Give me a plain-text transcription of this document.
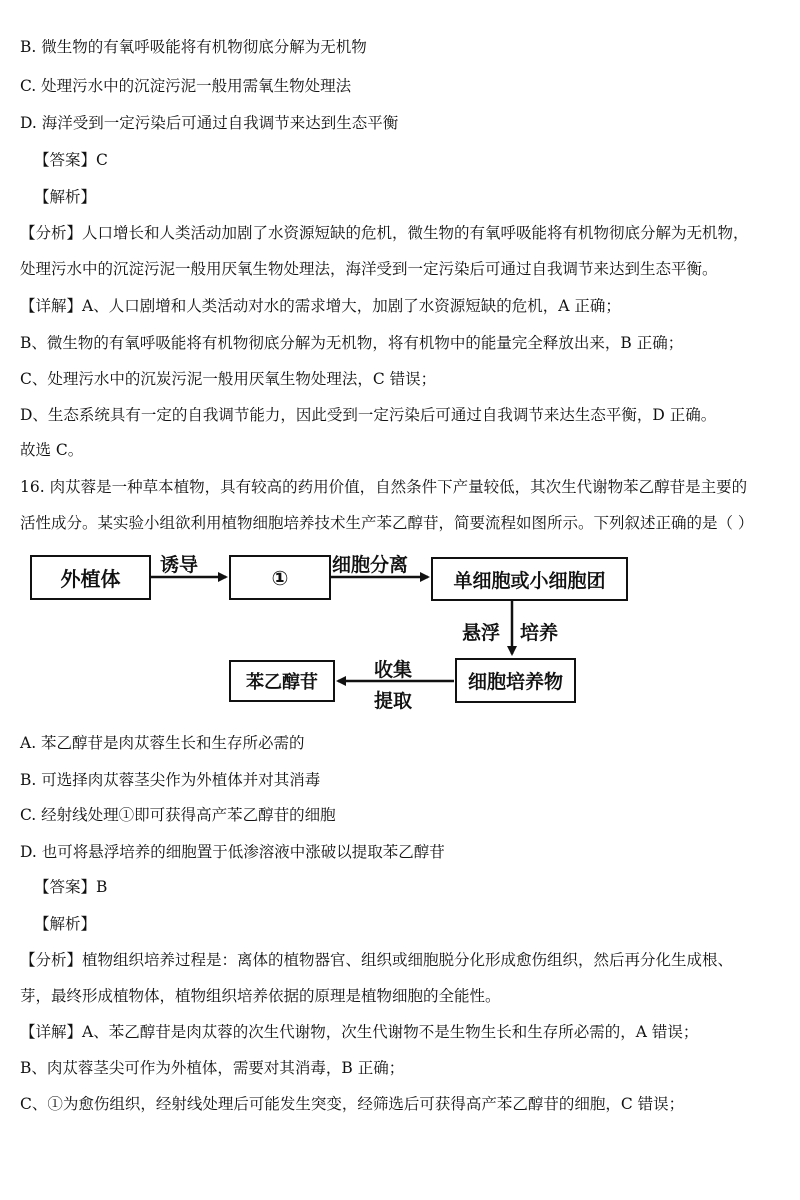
B. 微生物的有氧呼吸能将有机物彻底分解为无机物
C. 处理污水中的沉淀污泥一般用需氧生物处理法
D. 海洋受到一定污染后可通过自我调节来达到生态平衡
【答案】C
【解析】
【分析】人口增长和人类活动加剧了水资源短缺的危机，微生物的有氧呼吸能将有机物彻底分解为无机物，
处理污水中的沉淀污泥一般用厌氧生物处理法，海洋受到一定污染后可通过自我调节来达到生态平衡。
【详解】A、人口剧增和人类活动对水的需求增大，加剧了水资源短缺的危机，A 正确；
B、微生物的有氧呼吸能将有机物彻底分解为无机物，将有机物中的能量完全释放出来，B 正确；
C、处理污水中的沉炭污泥一般用厌氧生物处理法，C 错误；
D、生态系统具有一定的自我调节能力，因此受到一定污染后可通过自我调节来达生态平衡，D 正确。
故选 C。
16. 肉苁蓉是一种草本植物，具有较高的药用价值，自然条件下产量较低，其次生代谢物苯乙醇苷是主要的
活性成分。某实验小组欲利用植物细胞培养技术生产苯乙醇苷，简要流程如图所示。下列叙述正确的是（ ）
外植体
诱导
①
细胞分离
单细胞或小细胞团
悬浮 培养
细胞培养物
收集
提取
苯乙醇苷
A. 苯乙醇苷是肉苁蓉生长和生存所必需的
B. 可选择肉苁蓉茎尖作为外植体并对其消毒
C. 经射线处理①即可获得高产苯乙醇苷的细胞
D. 也可将悬浮培养的细胞置于低渗溶液中涨破以提取苯乙醇苷
【答案】B
【解析】
【分析】植物组织培养过程是：离体的植物器官、组织或细胞脱分化形成愈伤组织，然后再分化生成根、
芽，最终形成植物体，植物组织培养依据的原理是植物细胞的全能性。
【详解】A、苯乙醇苷是肉苁蓉的次生代谢物，次生代谢物不是生物生长和生存所必需的，A 错误；
B、肉苁蓉茎尖可作为外植体，需要对其消毒，B 正确；
C、①为愈伤组织，经射线处理后可能发生突变，经筛选后可获得高产苯乙醇苷的细胞，C 错误；
